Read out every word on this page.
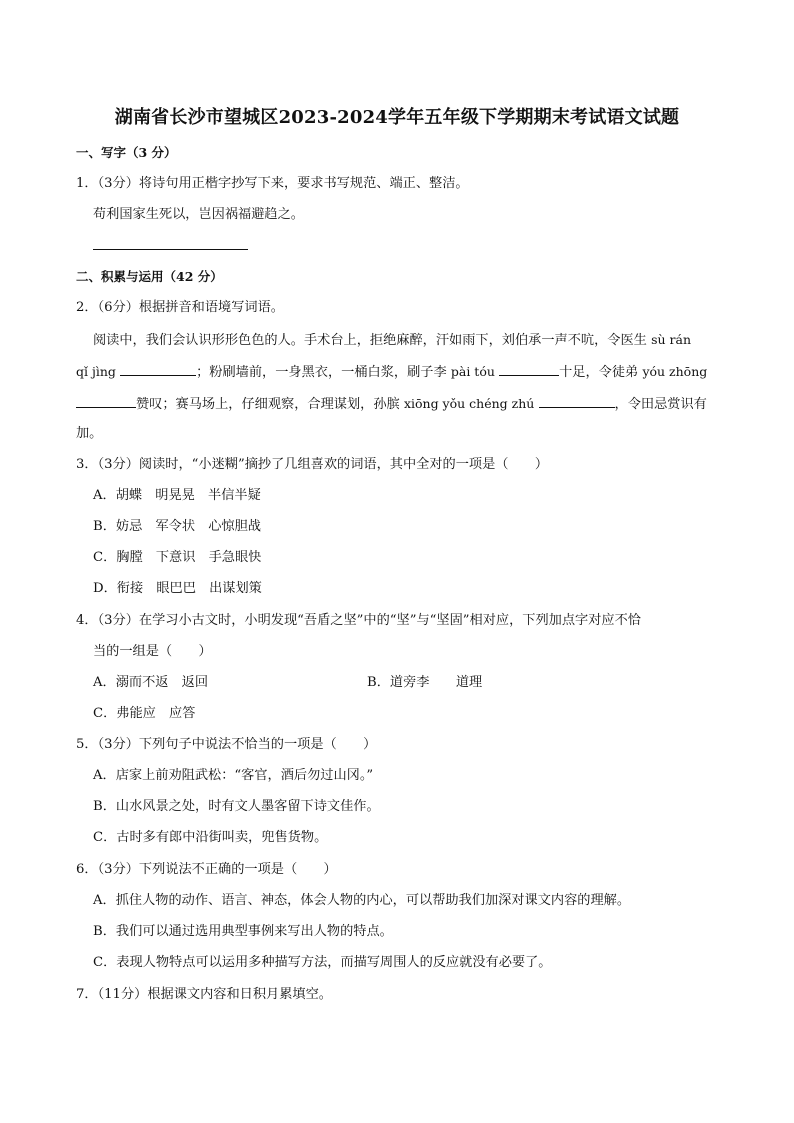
湖南省长沙市望城区2023-2024学年五年级下学期期末考试语文试题
一、写字（3 分）
1．（3分）将诗句用正楷字抄写下来，要求书写规范、端正、整洁。
苟利国家生死以，岂因祸福避趋之。
二、积累与运用（42 分）
2．（6分）根据拼音和语境写词语。
阅读中，我们会认识形形色色的人。手术台上，拒绝麻醉，汗如雨下，刘伯承一声不吭，令医生 sù rán
qǐ jìng	；粉刷墙前，一身黑衣，一桶白浆，刷子李 pài tóu	十足，令徒弟 yóu zhōng
赞叹；赛马场上，仔细观察，合理谋划，孙膑 xiōng yǒu chéng zhú	，令田忌赏识有
加。
3．（3分）阅读时，“小迷糊”摘抄了几组喜欢的词语，其中全对的一项是（　　）
A．胡蝶　明晃晃　半信半疑
B．妨忌　军令状　心惊胆战
C．胸膛　下意识　手急眼快
D．衔接　眼巴巴　出谋划策
4．（3分）在学习小古文时，小明发现“吾盾之坚”中的“坚”与“坚固”相对应，下列加点字对应不恰
当的一组是（　　）
A．溺而不返　返回	B．道旁李　　道理
C．弗能应　应答
5．（3分）下列句子中说法不恰当的一项是（　　）
A．店家上前劝阻武松：“客官，酒后勿过山冈。”
B．山水风景之处，时有文人墨客留下诗文佳作。
C．古时多有郎中沿街叫卖，兜售货物。
6．（3分）下列说法不正确的一项是（　　）
A．抓住人物的动作、语言、神态，体会人物的内心，可以帮助我们加深对课文内容的理解。
B．我们可以通过选用典型事例来写出人物的特点。
C．表现人物特点可以运用多种描写方法，而描写周围人的反应就没有必要了。
7．（11分）根据课文内容和日积月累填空。
